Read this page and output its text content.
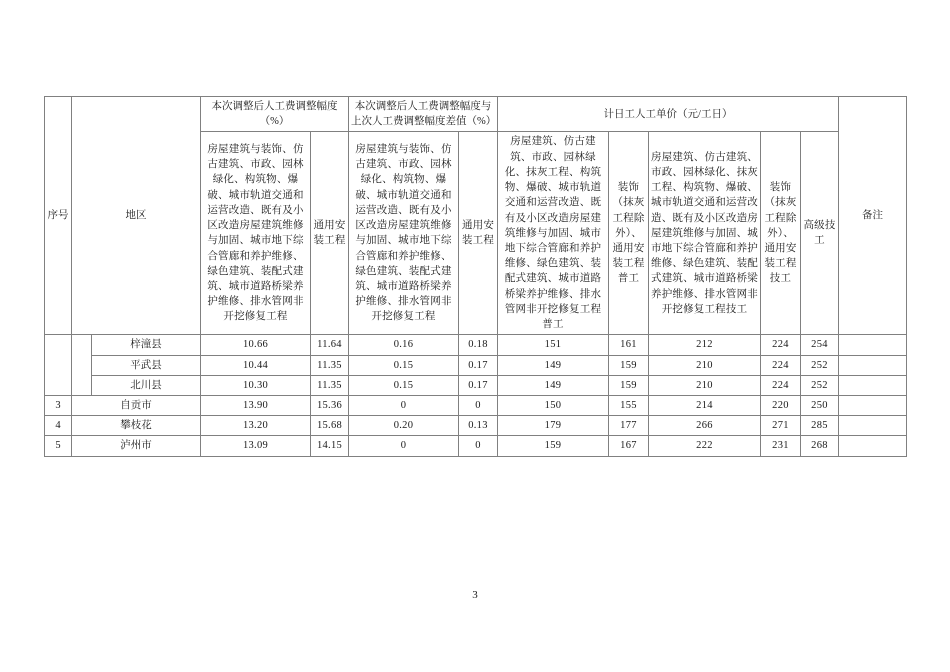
序号	地区		本次调整后人工费调整幅度（%）		本次调整后人工费调整幅度与上次人工费调整幅度差值（%）		计日工人工单价（元/工日）					备注
			房屋建筑与装饰、仿古建筑、市政、园林绿化、构筑物、爆破、城市轨道交通和运营改造、既有及小区改造房屋建筑维修与加固、城市地下综合管廊和养护维修、绿色建筑、装配式建筑、城市道路桥梁养护维修、排水管网非开挖修复工程	通用安装工程	房屋建筑与装饰、仿古建筑、市政、园林绿化、构筑物、爆破、城市轨道交通和运营改造、既有及小区改造房屋建筑维修与加固、城市地下综合管廊和养护维修、绿色建筑、装配式建筑、城市道路桥梁养护维修、排水管网非开挖修复工程	通用安装工程	房屋建筑、仿古建筑、市政、园林绿化、抹灰工程、构筑物、爆破、城市轨道交通和运营改造、既有及小区改造房屋建筑维修与加固、城市地下综合管廊和养护维修、绿色建筑、装配式建筑、城市道路桥梁养护维修、排水管网非开挖修复工程普工	装饰（抹灰工程除外）、通用安装工程普工	房屋建筑、仿古建筑、市政、园林绿化、抹灰工程、构筑物、爆破、城市轨道交通和运营改造、既有及小区改造房屋建筑维修与加固、城市地下综合管廊和养护维修、绿色建筑、装配式建筑、城市道路桥梁养护维修、排水管网非开挖修复工程技工	装饰（抹灰工程除外）、通用安装工程技工	高级技工	
		梓潼县	10.66	11.64	0.16	0.18	151	161	212	224	254	
		平武县	10.44	11.35	0.15	0.17	149	159	210	224	252	
		北川县	10.30	11.35	0.15	0.17	149	159	210	224	252	
3	自贡市		13.90	15.36	0	0	150	155	214	220	250	
4	攀枝花		13.20	15.68	0.20	0.13	179	177	266	271	285	
5	泸州市		13.09	14.15	0	0	159	167	222	231	268	
3
